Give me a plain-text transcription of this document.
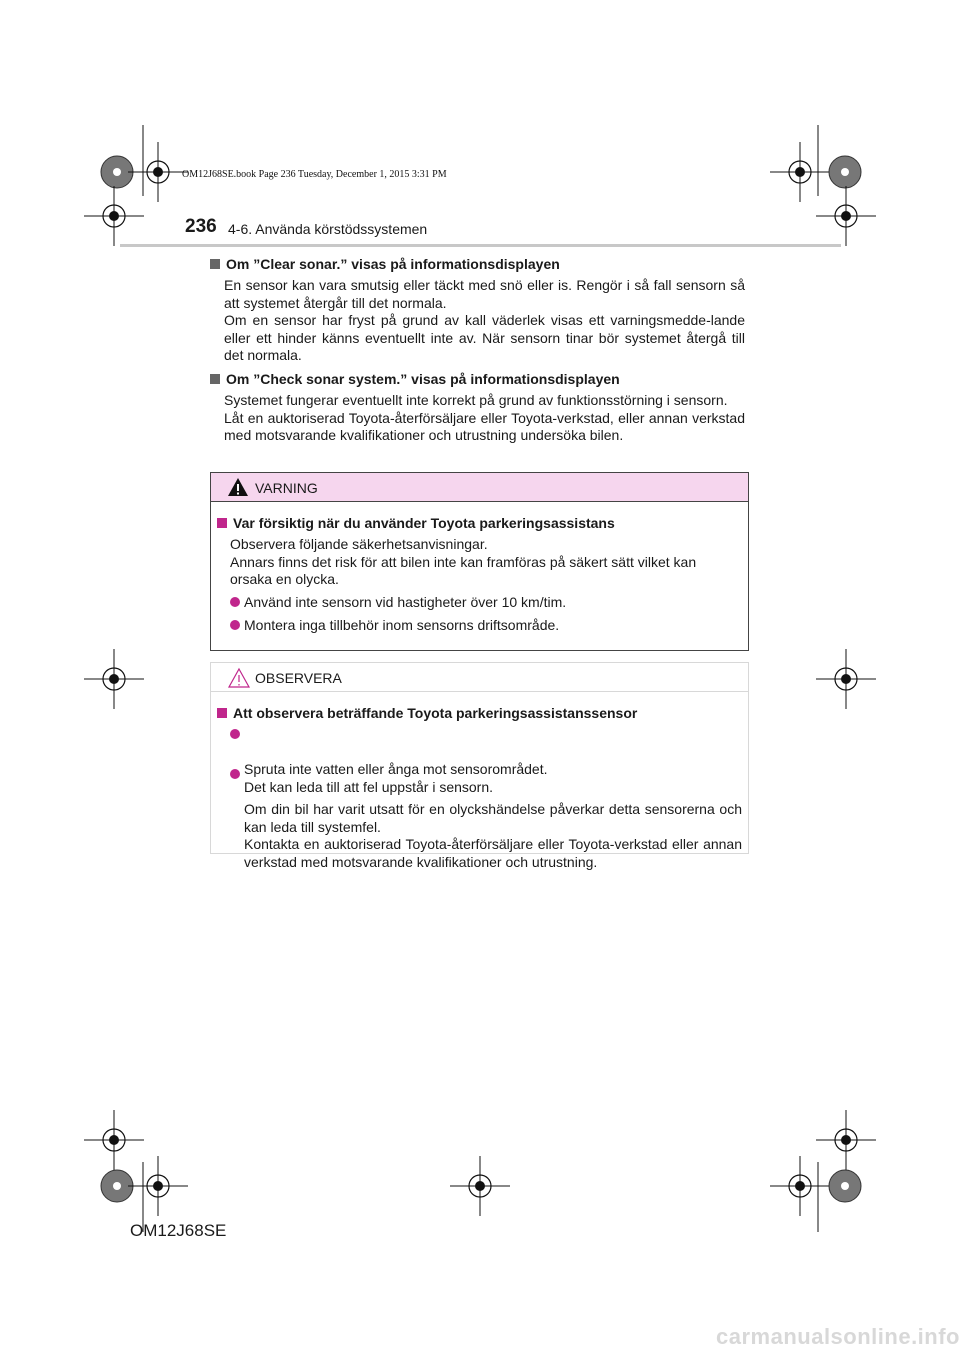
OM12J68SE.book Page 236 Tuesday, December 1, 2015 3:31 PM
236 4-6. Använda körstödssystemen
Om ”Clear sonar.” visas på informationsdisplayen
En sensor kan vara smutsig eller täckt med snö eller is. Rengör i så fall sensorn så att systemet återgår till det normala.
Om en sensor har fryst på grund av kall väderlek visas ett varningsmedde-lande eller ett hinder känns eventuellt inte av. När sensorn tinar bör systemet återgå till det normala.
Om ”Check sonar system.” visas på informationsdisplayen
Systemet fungerar eventuellt inte korrekt på grund av funktionsstörning i sensorn.
Låt en auktoriserad Toyota-återförsäljare eller Toyota-verkstad, eller annan verkstad med motsvarande kvalifikationer och utrustning undersöka bilen.
VARNING
Var försiktig när du använder Toyota parkeringsassistans
Observera följande säkerhetsanvisningar.
Annars finns det risk för att bilen inte kan framföras på säkert sätt vilket kan orsaka en olycka.
Använd inte sensorn vid hastigheter över 10 km/tim.
Montera inga tillbehör inom sensorns driftsområde.
OBSERVERA
Att observera beträffande Toyota parkeringsassistanssensor

Spruta inte vatten eller ånga mot sensorområdet.
Det kan leda till att fel uppstår i sensorn.

Om din bil har varit utsatt för en olyckshändelse påverkar detta sensorerna och kan leda till systemfel.
Kontakta en auktoriserad Toyota-återförsäljare eller Toyota-verkstad eller annan verkstad med motsvarande kvalifikationer och utrustning.

OM12J68SE
carmanualsonline.info
